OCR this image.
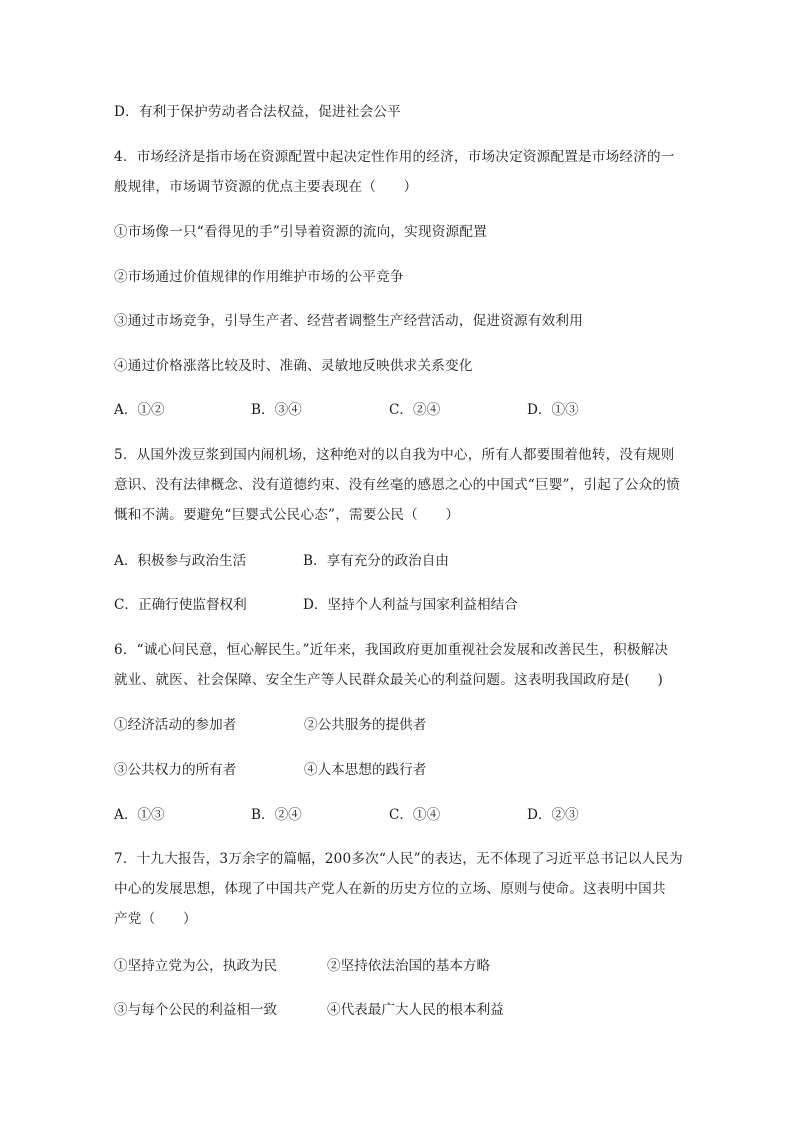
D．有利于保护劳动者合法权益，促进社会公平
4．市场经济是指市场在资源配置中起决定性作用的经济，市场决定资源配置是市场经济的一
般规律，市场调节资源的优点主要表现在（　　）
①市场像一只“看得见的手”引导着资源的流向，实现资源配置
②市场通过价值规律的作用维护市场的公平竞争
③通过市场竞争，引导生产者、经营者调整生产经营活动，促进资源有效利用
④通过价格涨落比较及时、准确、灵敏地反映供求关系变化
A．①②	B．③④	C．②④	D．①③
5．从国外泼豆浆到国内闹机场，这种绝对的以自我为中心，所有人都要围着他转，没有规则
意识、没有法律概念、没有道德约束、没有丝毫的感恩之心的中国式“巨婴”，引起了公众的愤
慨和不满。要避免“巨婴式公民心态”，需要公民（　　）
A．积极参与政治生活	B．享有充分的政治自由
C．正确行使监督权利	D．坚持个人利益与国家利益相结合
6．“诚心问民意，恒心解民生。”近年来，我国政府更加重视社会发展和改善民生，积极解决
就业、就医、社会保障、安全生产等人民群众最关心的利益问题。这表明我国政府是(　　)
①经济活动的参加者	②公共服务的提供者
③公共权力的所有者	④人本思想的践行者
A．①③	B．②④	C．①④	D．②③
7．十九大报告，3万余字的篇幅，200多次“人民”的表达，无不体现了习近平总书记以人民为
中心的发展思想，体现了中国共产党人在新的历史方位的立场、原则与使命。这表明中国共
产党（　　）
①坚持立党为公，执政为民	②坚持依法治国的基本方略
③与每个公民的利益相一致	④代表最广大人民的根本利益
